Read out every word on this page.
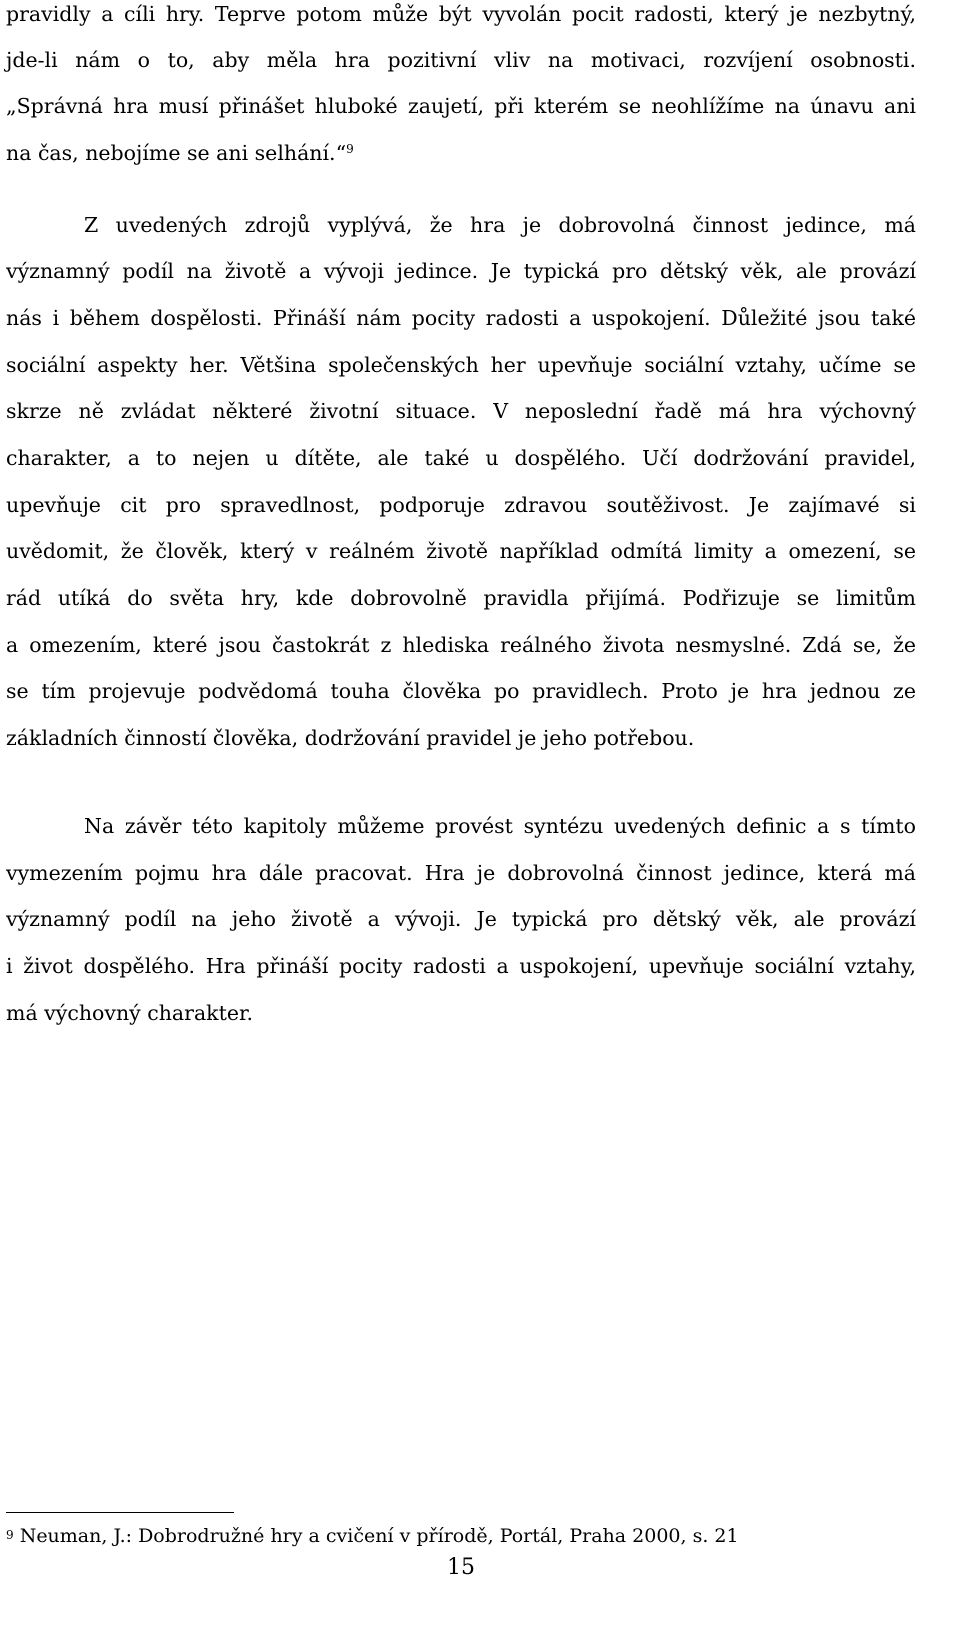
pravidly a cíli hry. Teprve potom může být vyvolán pocit radosti, který je nezbytný,
jde-li nám o to, aby měla hra pozitivní vliv na motivaci, rozvíjení osobnosti.
„Správná hra musí přinášet hluboké zaujetí, při kterém se neohlížíme na únavu ani
na čas, nebojíme se ani selhání.“$^9$
Z uvedených zdrojů vyplývá, že hra je dobrovolná činnost jedince, má
významný podíl na životě a vývoji jedince. Je typická pro dětský věk, ale provází
nás i během dospělosti. Přináší nám pocity radosti a uspokojení. Důležité jsou také
sociální aspekty her. Většina společenských her upevňuje sociální vztahy, učíme se
skrze ně zvládat některé životní situace. V neposlední řadě má hra výchovný
charakter, a to nejen u dítěte, ale také u dospělého. Učí dodržování pravidel,
upevňuje cit pro spravedlnost, podporuje zdravou soutěživost. Je zajímavé si
uvědomit, že člověk, který v reálném životě například odmítá limity a omezení, se
rád utíká do světa hry, kde dobrovolně pravidla přijímá. Podřizuje se limitům
a omezením, které jsou častokrát z hlediska reálného života nesmyslné. Zdá se, že
se tím projevuje podvědomá touha člověka po pravidlech. Proto je hra jednou ze
základních činností člověka, dodržování pravidel je jeho potřebou.
Na závěr této kapitoly můžeme provést syntézu uvedených definic a s tímto
vymezením pojmu hra dále pracovat. Hra je dobrovolná činnost jedince, která má
významný podíl na jeho životě a vývoji. Je typická pro dětský věk, ale provází
i život dospělého. Hra přináší pocity radosti a uspokojení, upevňuje sociální vztahy,
má výchovný charakter.
$^9$ Neuman, J.: Dobrodružné hry a cvičení v přírodě, Portál, Praha 2000, s. 21
15
